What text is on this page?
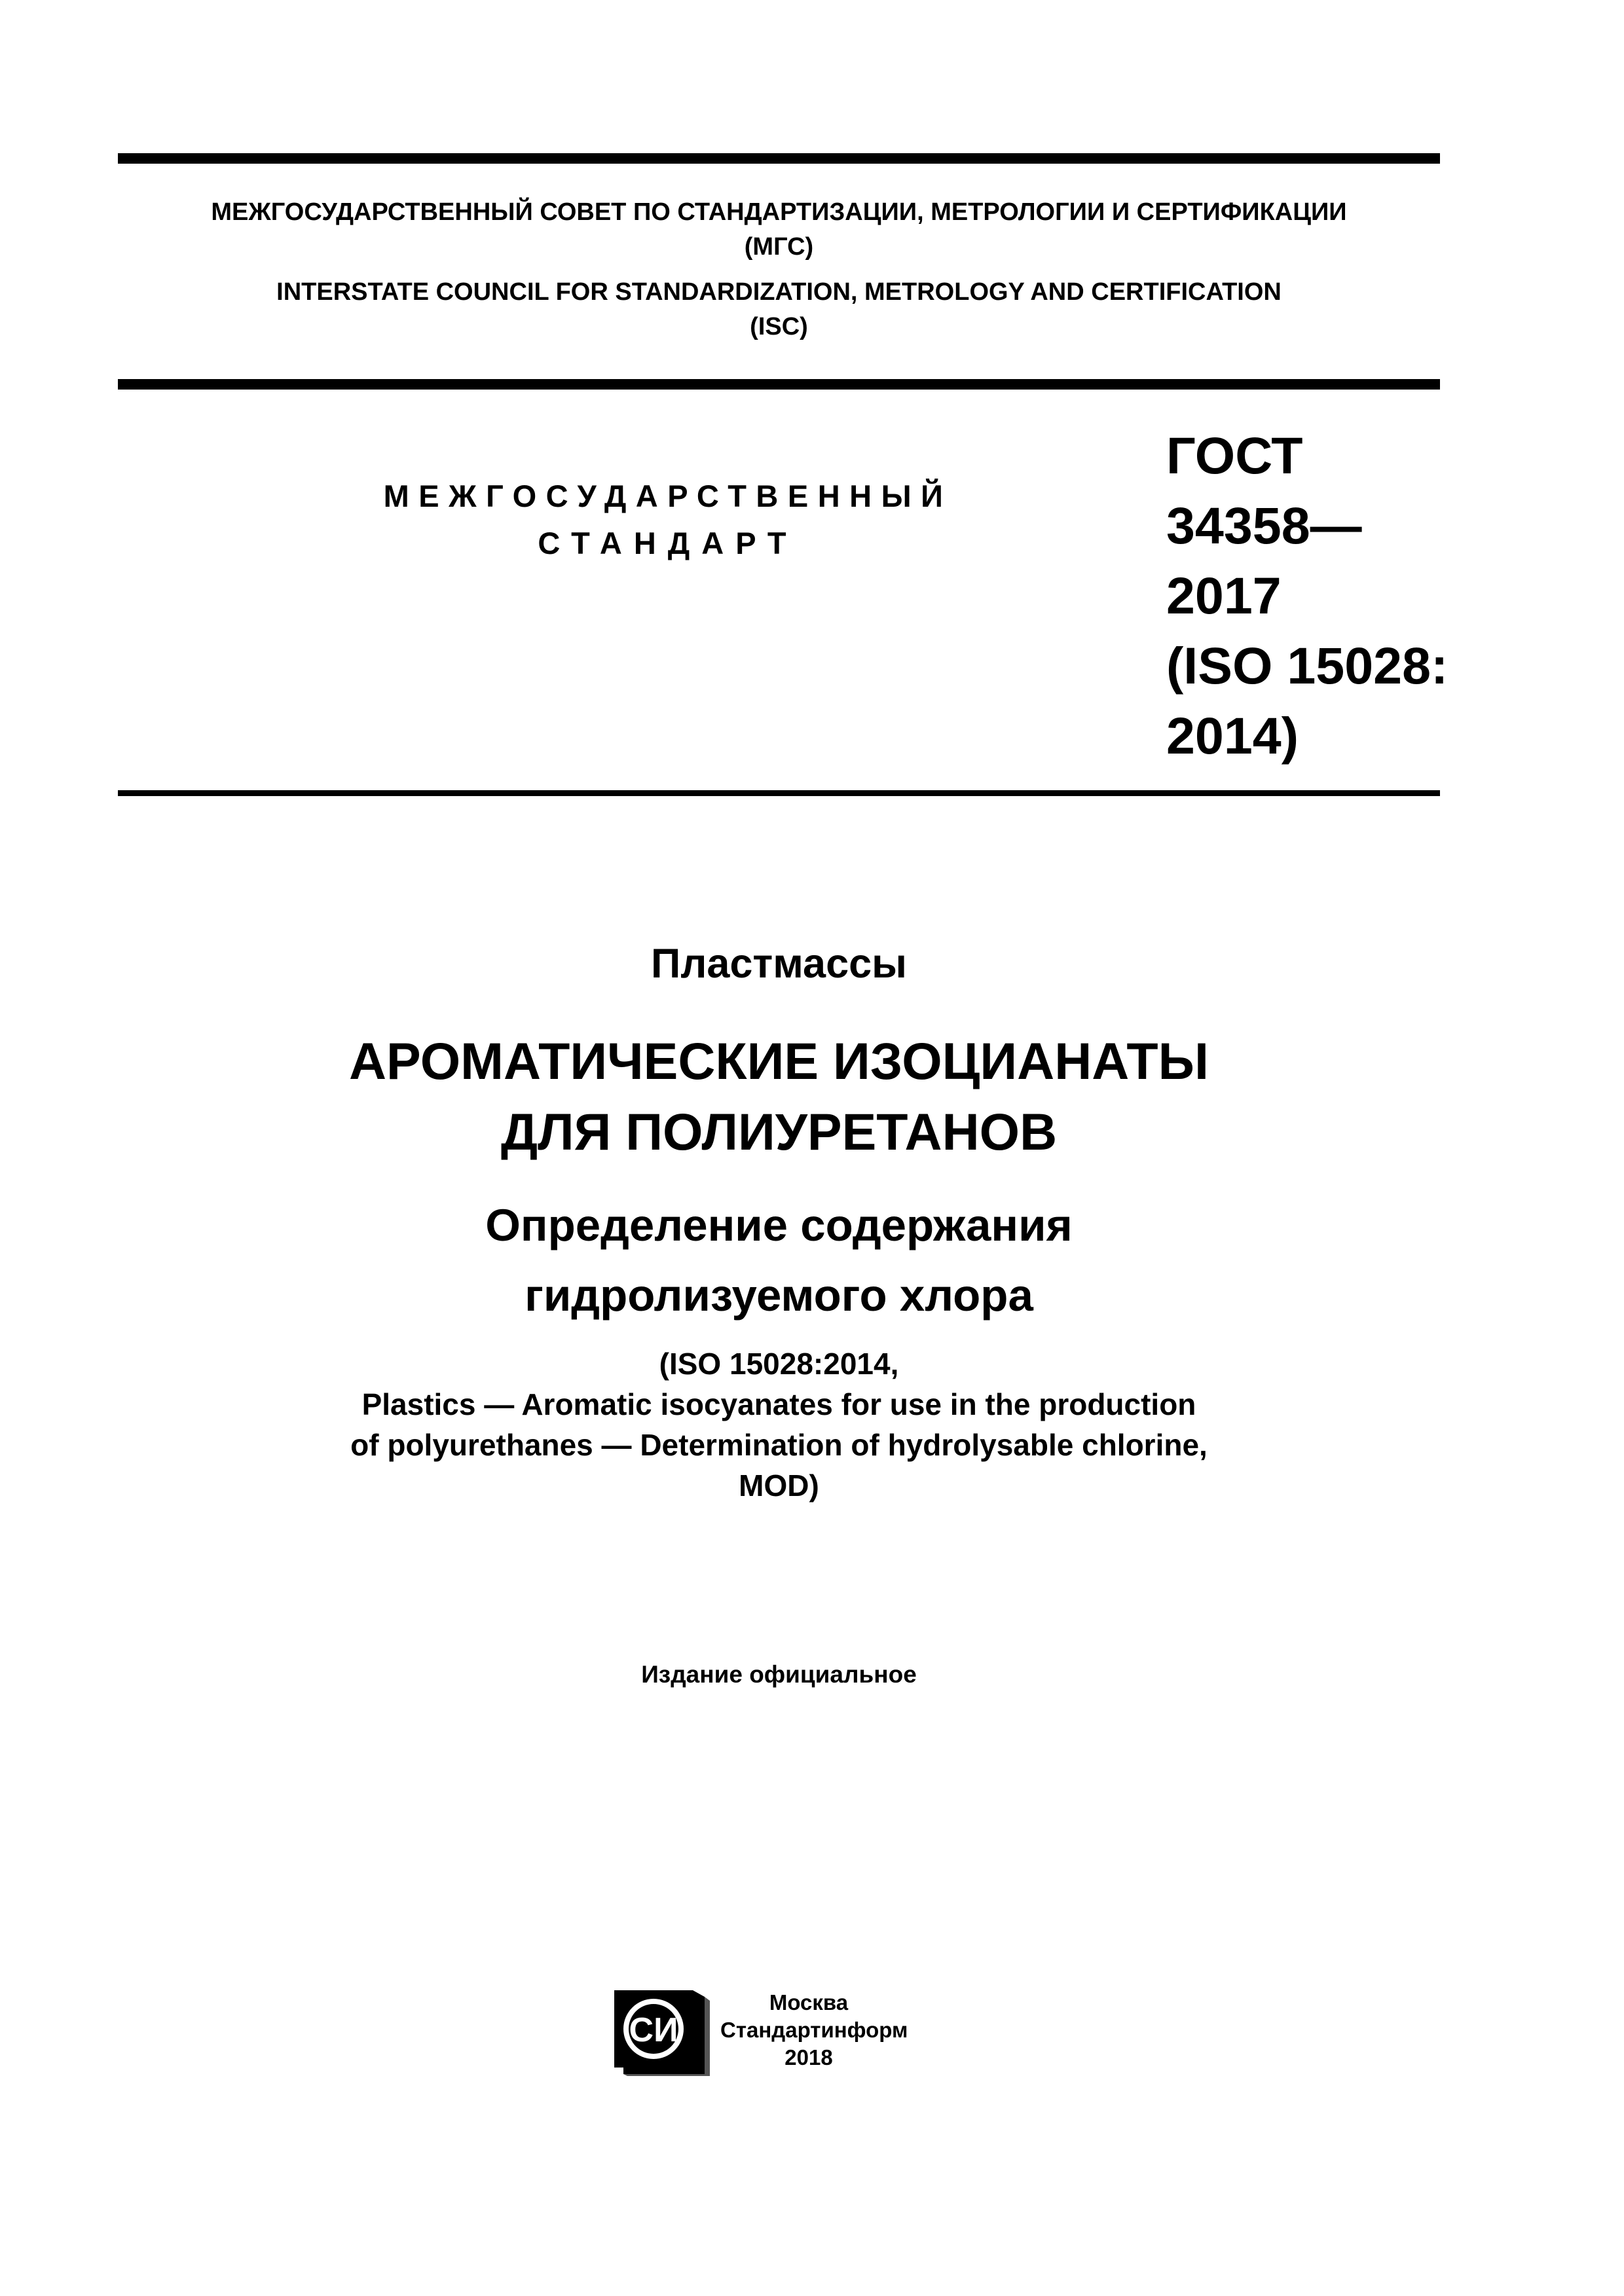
МЕЖГОСУДАРСТВЕННЫЙ СОВЕТ ПО СТАНДАРТИЗАЦИИ, МЕТРОЛОГИИ И СЕРТИФИКАЦИИ
(МГС)
INTERSTATE COUNCIL FOR STANDARDIZATION, METROLOGY AND CERTIFICATION
(ISC)
МЕЖГОСУДАРСТВЕННЫЙ
СТАНДАРТ
ГОСТ
34358—
2017
(ISO 15028:
2014)
Пластмассы
АРОМАТИЧЕСКИЕ ИЗОЦИАНАТЫ
ДЛЯ ПОЛИУРЕТАНОВ
Определение содержания
гидролизуемого хлора
(ISO 15028:2014,
Plastics — Aromatic isocyanates for use in the production
of polyurethanes — Determination of hydrolysable chlorine,
MOD)
Издание официальное
СИ
Москва
Стандартинформ
2018
